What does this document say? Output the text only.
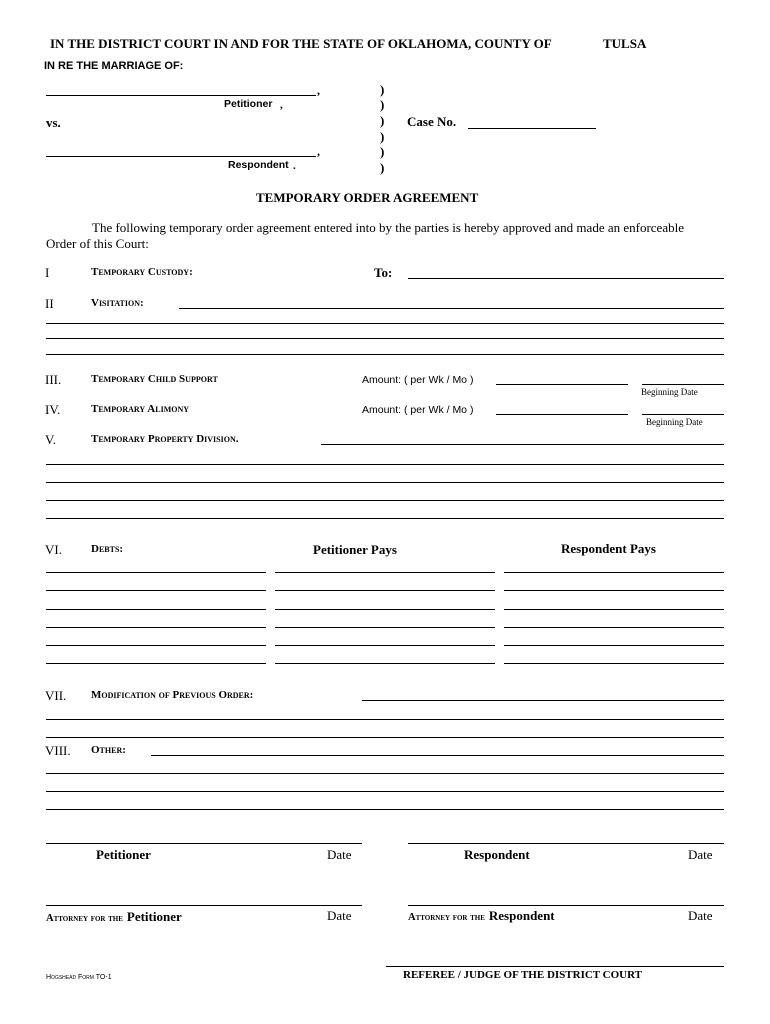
IN THE DISTRICT COURT IN AND FOR THE STATE OF OKLAHOMA, COUNTY OF	TULSA
IN RE THE MARRIAGE OF:
,
Petitioner ,
vs.
,
Respondent .
)
)
)
)
)
)
Case No.
TEMPORARY ORDER AGREEMENT
The following temporary order agreement entered into by the parties is hereby approved and made an enforceable
Order of this Court:
I	Temporary Custody:	To:
II	Visitation:
III.	Temporary Child Support	Amount: ( per Wk / Mo )
Beginning Date
IV.	Temporary Alimony	Amount: ( per Wk / Mo )
Beginning Date
V.	Temporary Property Division.
VI.	Debts:	Petitioner Pays	Respondent Pays
VII. Modification of Previous Order:
VIII. Other:
Petitioner	Date	Respondent	Date
Attorney for the Petitioner	Date	Attorney for the Respondent	Date
REFEREE / JUDGE OF THE DISTRICT COURT
Hogshead Form TO-1
